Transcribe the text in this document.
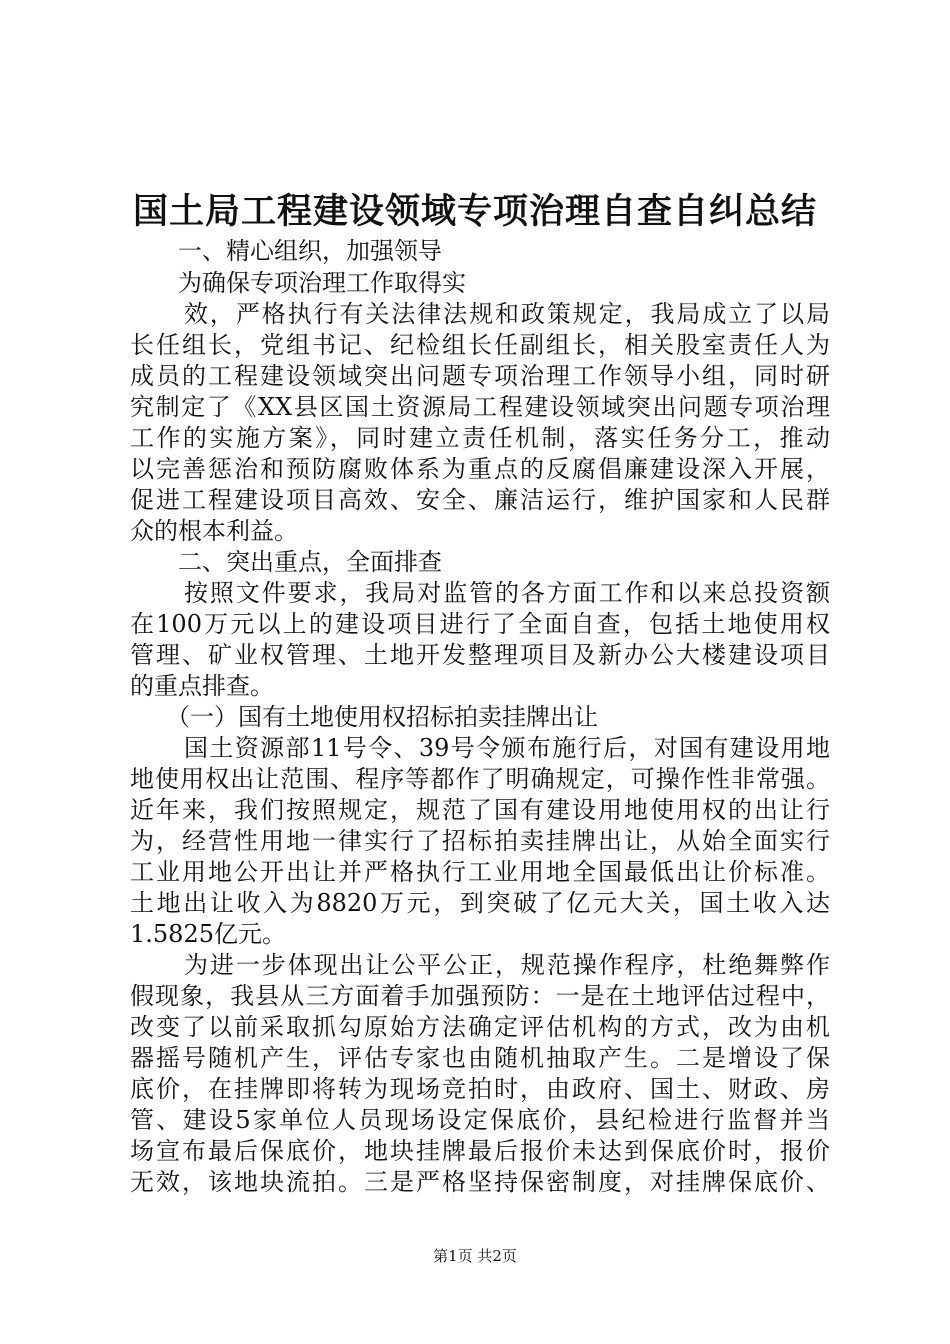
国土局工程建设领域专项治理自查自纠总结
一、精心组织，加强领导
为确保专项治理工作取得实
效，严格执行有关法律法规和政策规定，我局成立了以局
长任组长，党组书记、纪检组长任副组长，相关股室责任人为
成员的工程建设领域突出问题专项治理工作领导小组，同时研
究制定了《XX县区国土资源局工程建设领域突出问题专项治理
工作的实施方案》，同时建立责任机制，落实任务分工，推动
以完善惩治和预防腐败体系为重点的反腐倡廉建设深入开展，
促进工程建设项目高效、安全、廉洁运行，维护国家和人民群
众的根本利益。
二、突出重点，全面排查
按照文件要求，我局对监管的各方面工作和以来总投资额
在100万元以上的建设项目进行了全面自查，包括土地使用权
管理、矿业权管理、土地开发整理项目及新办公大楼建设项目
的重点排查。
（一）国有土地使用权招标拍卖挂牌出让
国土资源部11号令、39号令颁布施行后，对国有建设用地
地使用权出让范围、程序等都作了明确规定，可操作性非常强。
近年来，我们按照规定，规范了国有建设用地使用权的出让行
为，经营性用地一律实行了招标拍卖挂牌出让，从始全面实行
工业用地公开出让并严格执行工业用地全国最低出让价标准。
土地出让收入为8820万元，到突破了亿元大关，国土收入达
1.5825亿元。
为进一步体现出让公平公正，规范操作程序，杜绝舞弊作
假现象，我县从三方面着手加强预防：一是在土地评估过程中，
改变了以前采取抓勾原始方法确定评估机构的方式，改为由机
器摇号随机产生，评估专家也由随机抽取产生。二是增设了保
底价，在挂牌即将转为现场竞拍时，由政府、国土、财政、房
管、建设5家单位人员现场设定保底价，县纪检进行监督并当
场宣布最后保底价，地块挂牌最后报价未达到保底价时，报价
无效，该地块流拍。三是严格坚持保密制度，对挂牌保底价、
第1页 共2页
